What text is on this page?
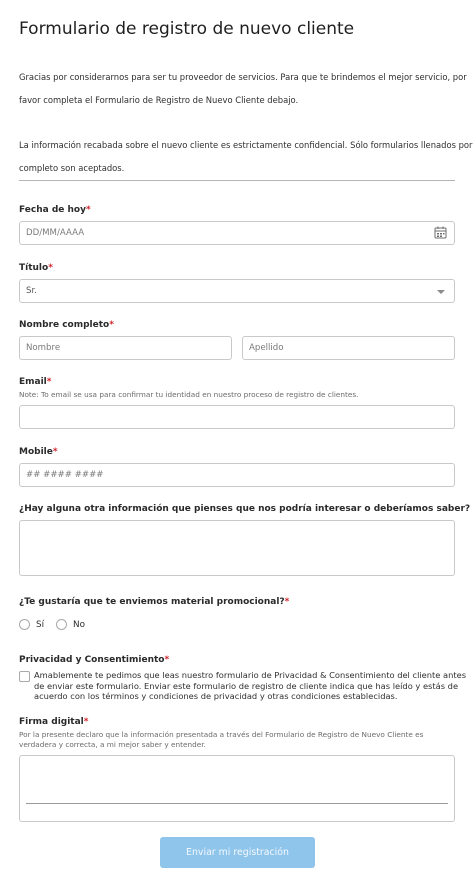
Formulario de registro de nuevo cliente
Gracias por considerarnos para ser tu proveedor de servicios. Para que te brindemos el mejor servicio, por
favor completa el Formulario de Registro de Nuevo Cliente debajo.
La información recabada sobre el nuevo cliente es estrictamente confidencial. Sólo formularios llenados por
completo son aceptados.
Fecha de hoy*
DD/MM/AAAA
Título*
Sr.
Nombre completo*
Nombre	Apellido
Email*
Note: To email se usa para confirmar tu identidad en nuestro proceso de registro de clientes.
Mobile*
## #### ####
¿Hay alguna otra información que pienses que nos podría interesar o deberíamos saber?
¿Te gustaría que te enviemos material promocional?*
Sí	No
Privacidad y Consentimiento*
Amablemente te pedimos que leas nuestro formulario de Privacidad & Consentimiento del cliente antes
de enviar este formulario. Enviar este formulario de registro de cliente indica que has leído y estás de
acuerdo con los términos y condiciones de privacidad y otras condiciones establecidas.
Firma digital*
Por la presente declaro que la información presentada a través del Formulario de Registro de Nuevo Cliente es verdadera y correcta, a mi mejor saber y entender.
Enviar mi registración
